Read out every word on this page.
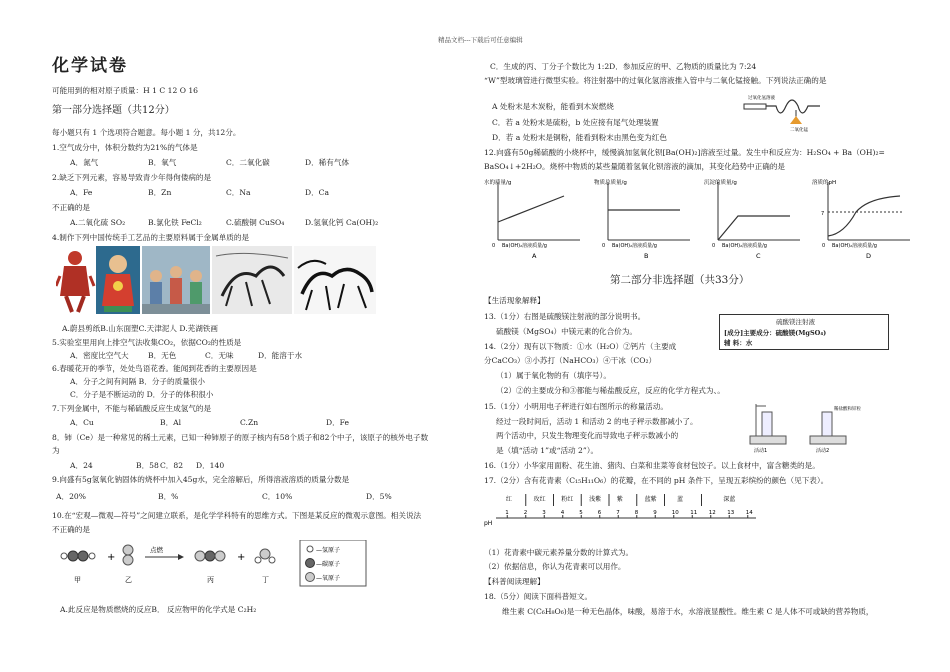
精品文档---下载后可任意编辑
化学试卷
可能用到的相对原子质量：H 1 C 12 O 16
第一部分选择题（共12分）
每小题只有 1 个选项符合题意。每小题 1 分，共12分。
1.空气成分中，体积分数约为21%的气体是
A．氮气	B．氧气	C．二氧化碳	D．稀有气体
2.缺乏下列元素，容易导致青少年得佝偻病的是
A．Fe	B．Zn	C．Na	D．Ca
不正确的是
A.二氧化硫 SO₂	B.氯化铁 FeCl₂	C.硫酸铜 CuSO₄	D.氢氧化钙 Ca(OH)₂
4.制作下列中国传统手工艺品的主要原料属于金属单质的是
A.蔚县剪纸B.山东面塑C.天津泥人 D.芜湖铁画
5.实验室里用向上排空气法收集CO₂，依据CO₂的性质是
A．密度比空气大	B．无色	C．无味	D．能溶于水
6.春暖花开的季节，处处鸟语花香。能闻到花香的主要原因是
A．分子之间有间隔 B．分子的质量很小
C．分子是不断运动的 D．分子的体积很小
7.下列金属中，不能与稀硫酸反应生成氢气的是
A．Cu	B．Al	C.Zn	D．Fe
8．铈（Ce）是一种常见的稀土元素，已知一种铈原子的原子核内有58个质子和82个中子，该原子的核外电子数
为
A．24	B．58 C．82 D．140
9.向盛有5g氢氧化钠固体的烧杯中加入45g水，完全溶解后，所得溶液溶质的质量分数是
A．20%	B．%	C．10%	D．5%
10.在“宏观—微观—符号”之间建立联系，是化学学科特有的思维方式。下图是某反应的微观示意图。相关说法
不正确的是
+
点燃
+
甲	乙	丙	丁
—氢原子
—碳原子
—氧原子
A.此反应是物质燃烧的反应B． 反应物甲的化学式是 C₂H₂
C．生成的丙、丁分子个数比为 1:2D．参加反应的甲、乙物质的质量比为 7:24
“W”型玻璃管进行微型实验。将注射器中的过氧化氢溶液推入管中与二氧化锰接触。下列说法正确的是
过氧化氢溶液
二氧化锰
A 处粉末是木炭粉，能看到木炭燃烧
C．若 a 处粉末是硫粉，b 处应接有尾气处理装置
D．若 a 处粉末是铜粉，能看到粉末由黑色变为红色
12.向盛有50g稀硫酸的小烧杯中，缓慢滴加氢氧化钡[Ba(OH)₂]溶液至过量。发生中和反应为：H₂SO₄ + Ba（OH)₂=
BaSO₄↓+2H₂O。烧杯中物质的某些量随着氢氧化钡溶液的滴加，其变化趋势中正确的是
水的质量/g
0 Ba(OH)₂溶液质量/g
A
物质总质量/g
0 Ba(OH)₂溶液质量/g
B
沉淀的质量/g
0 Ba(OH)₂溶液质量/g
C
溶质的pH
7
0 Ba(OH)₂溶液质量/g
D
第二部分非选择题（共33分）
【生活现象解释】
13.（1分）右图是硫酸镁注射液的部分说明书。
硫酸镁（MgSO₄）中镁元素的化合价为。
硫酸镁注射液
[成分]主要成分：硫酸镁(MgSO₄)
辅 料：水
14.（2分）现有以下物质：①水（H₂O）②钙片（主要成
分CaCO₃）③小苏打（NaHCO₃）④干冰（CO₂）
（1）属于氧化物的有（填序号）。
（2）②的主要成分和③都能与稀盐酸反应，反应的化学方程式为、。
15.（1分）小明用电子秤进行如右图所示的称量活动。
经过一段时间后，活动 1 和活动 2 的电子秤示数都减小了。
两个活动中，只发生物理变化而导致电子秤示数减小的
是（填“活动 1”或“活动 2”）。	活动1
稀盐酸和锌粒
活动2
16.（1分）小华家用面粉、花生油、猪肉、白菜和韭菜等食材包饺子。以上食材中，富含糖类的是。
17.（2分）含有花青素（C₁₅H₁₁O₆）的花瓣，在不同的 pH 条件下，呈现五彩缤纷的颜色（见下表）。
红	玫红	粉红	浅紫	紫	蓝紫	蓝	深蓝
1	2	3	4	5	6	7	8	9	10 11 12 13 14
pH
（1）花青素中碳元素养量分数的计算式为。
（2）依据信息，你认为花青素可以用作。
【科普阅读理解】
18.（5分）阅读下面科普短文。
维生素 C(C₆H₈O₆)是一种无色晶体，味酸，易溶于水，水溶液显酸性。维生素 C 是人体不可或缺的营养物质，
